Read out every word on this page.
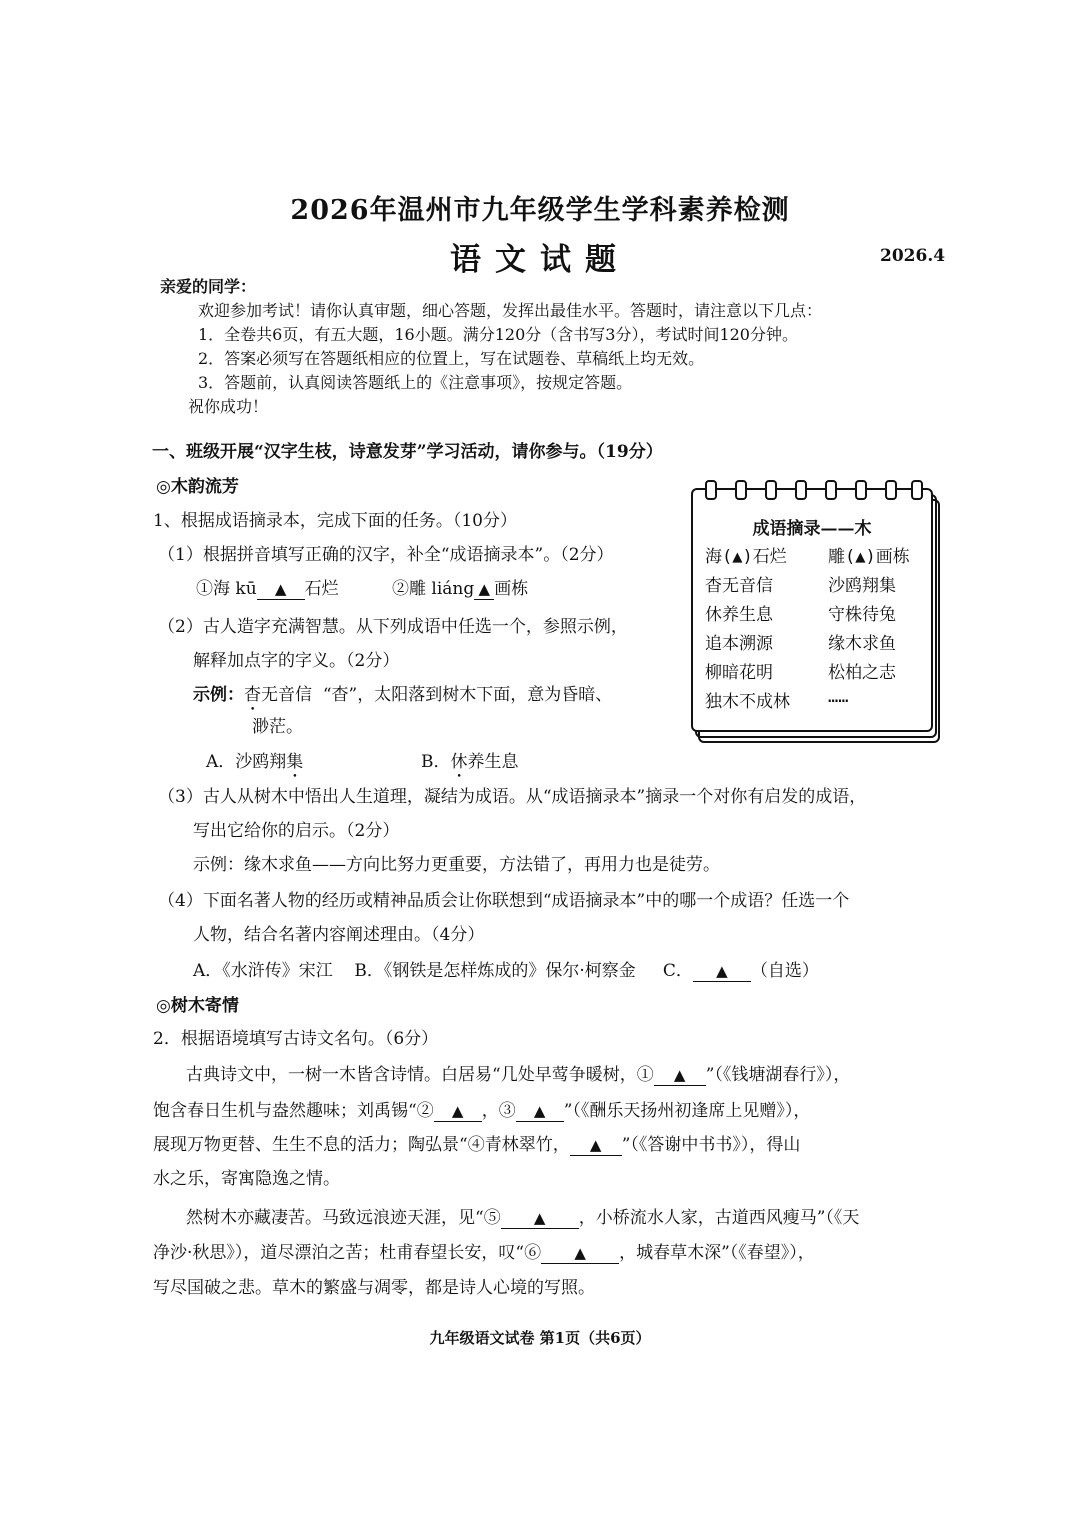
2026年温州市九年级学生学科素养检测
语文试题	2026.4
亲爱的同学：
欢迎参加考试！请你认真审题，细心答题，发挥出最佳水平。答题时，请注意以下几点：
1．全卷共6页，有五大题，16小题。满分120分（含书写3分），考试时间120分钟。
2．答案必须写在答题纸相应的位置上，写在试题卷、草稿纸上均无效。
3．答题前，认真阅读答题纸上的《注意事项》，按规定答题。
祝你成功！
一、班级开展“汉字生枝，诗意发芽”学习活动，请你参与。（19分）
◎木韵流芳
1、根据成语摘录本，完成下面的任务。（10分）
（1）根据拼音填写正确的汉字，补全“成语摘录本”。（2分）
①海 kū ▲ 石烂	②雕 liáng ▲ 画栋
（2）古人造字充满智慧。从下列成语中任选一个，参照示例，
解释加点字的字义。（2分）
示例：杳无音信 “杳”，太阳落到树木下面，意为昏暗、
渺茫。
A．沙鸥翔集	B．休养生息
（3）古人从树木中悟出人生道理，凝结为成语。从“成语摘录本”摘录一个对你有启发的成语，
写出它给你的启示。（2分）
示例：缘木求鱼——方向比努力更重要，方法错了，再用力也是徒劳。
（4）下面名著人物的经历或精神品质会让你联想到“成语摘录本”中的哪一个成语？任选一个
人物，结合名著内容阐述理由。（4分）
A．《水浒传》宋江 B．《钢铁是怎样炼成的》保尔·柯察金 C． ▲ （自选）
◎树木寄情
2．根据语境填写古诗文名句。（6分）
古典诗文中，一树一木皆含诗情。白居易“几处早莺争暖树，① ▲ ”（《钱塘湖春行》），
饱含春日生机与盎然趣味；刘禹锡“② ▲ ，③ ▲ ”（《酬乐天扬州初逢席上见赠》），
展现万物更替、生生不息的活力；陶弘景“④青林翠竹， ▲ ”（《答谢中书书》），得山
水之乐，寄寓隐逸之情。
然树木亦藏凄苦。马致远浪迹天涯，见“⑤ ▲ ，小桥流水人家，古道西风瘦马”（《天
净沙·秋思》），道尽漂泊之苦；杜甫春望长安，叹“⑥ ▲ ，城春草木深”（《春望》），
写尽国破之悲。草木的繁盛与凋零，都是诗人心境的写照。
成语摘录——木
海(▲)石烂 雕(▲)画栋
杳无音信	沙鸥翔集
休养生息	守株待兔
追本溯源	缘木求鱼
柳暗花明	松柏之志
独木不成林 ……
九年级语文试卷 第1页（共6页）
